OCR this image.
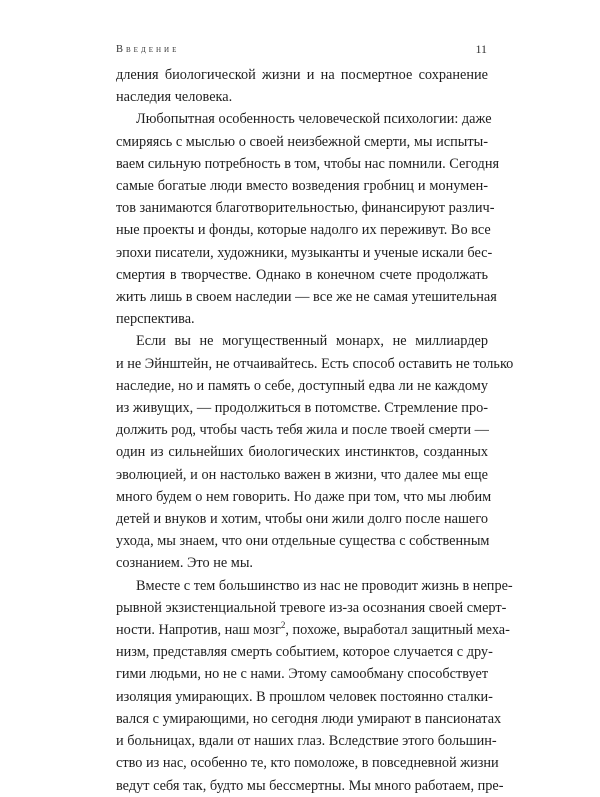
Введение	11
дления биологической жизни и на посмертное сохранение
наследия человека.
Любопытная особенность человеческой психологии: даже
смиряясь с мыслью о своей неизбежной смерти, мы испыты-
ваем сильную потребность в том, чтобы нас помнили. Сегодня
самые богатые люди вместо возведения гробниц и монумен-
тов занимаются благотворительностью, финансируют различ-
ные проекты и фонды, которые надолго их переживут. Во все
эпохи писатели, художники, музыканты и ученые искали бес-
смертия в творчестве. Однако в конечном счете продолжать
жить лишь в своем наследии — все же не самая утешительная
перспектива.
Если вы не могущественный монарх, не миллиардер
и не Эйнштейн, не отчаивайтесь. Есть способ оставить не только
наследие, но и память о себе, доступный едва ли не каждому
из живущих, — продолжиться в потомстве. Стремление про-
должить род, чтобы часть тебя жила и после твоей смерти —
один из сильнейших биологических инстинктов, созданных
эволюцией, и он настолько важен в жизни, что далее мы еще
много будем о нем говорить. Но даже при том, что мы любим
детей и внуков и хотим, чтобы они жили долго после нашего
ухода, мы знаем, что они отдельные существа с собственным
сознанием. Это не мы.
Вместе с тем большинство из нас не проводит жизнь в непре-
рывной экзистенциальной тревоге из-за осознания своей смерт-
ности. Напротив, наш мозг$^2$, похоже, выработал защитный меха-
низм, представляя смерть событием, которое случается с дру-
гими людьми, но не с нами. Этому самообману способствует
изоляция умирающих. В прошлом человек постоянно сталки-
вался с умирающими, но сегодня люди умирают в пансионатах
и больницах, вдали от наших глаз. Вследствие этого большин-
ство из нас, особенно те, кто помоложе, в повседневной жизни
ведут себя так, будто мы бессмертны. Мы много работаем, пре-
